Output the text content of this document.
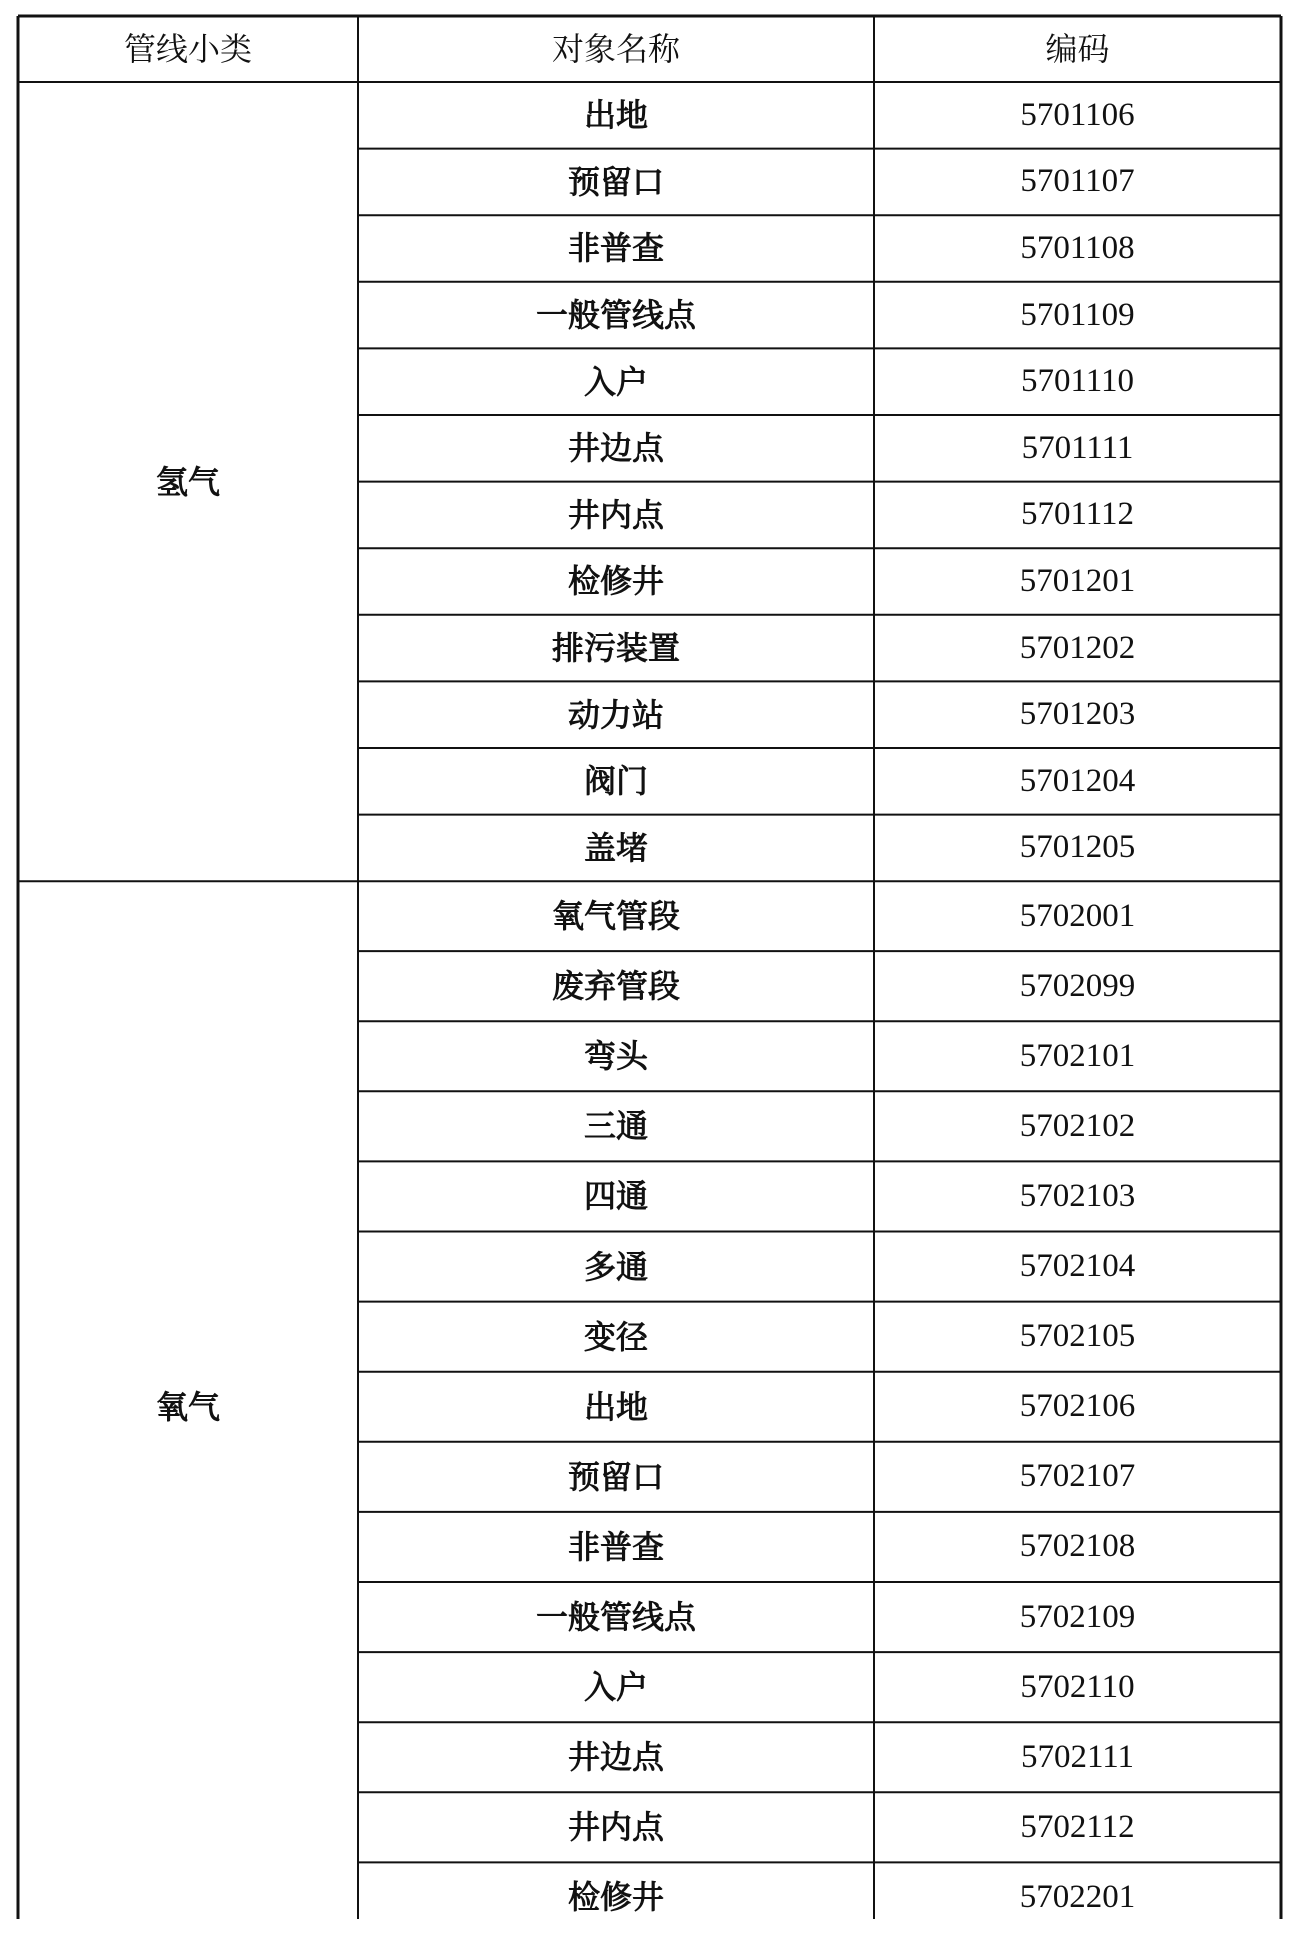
管线小类	对象名称	编码
氢气
出地	5701106
预留口	5701107
非普查	5701108
一般管线点	5701109
入户	5701110
井边点	5701111
井内点	5701112
检修井	5701201
排污装置	5701202
动力站	5701203
阀门	5701204
盖堵	5701205
氧气
氧气管段	5702001
废弃管段	5702099
弯头	5702101
三通	5702102
四通	5702103
多通	5702104
变径	5702105
出地	5702106
预留口	5702107
非普查	5702108
一般管线点	5702109
入户	5702110
井边点	5702111
井内点	5702112
检修井	5702201
